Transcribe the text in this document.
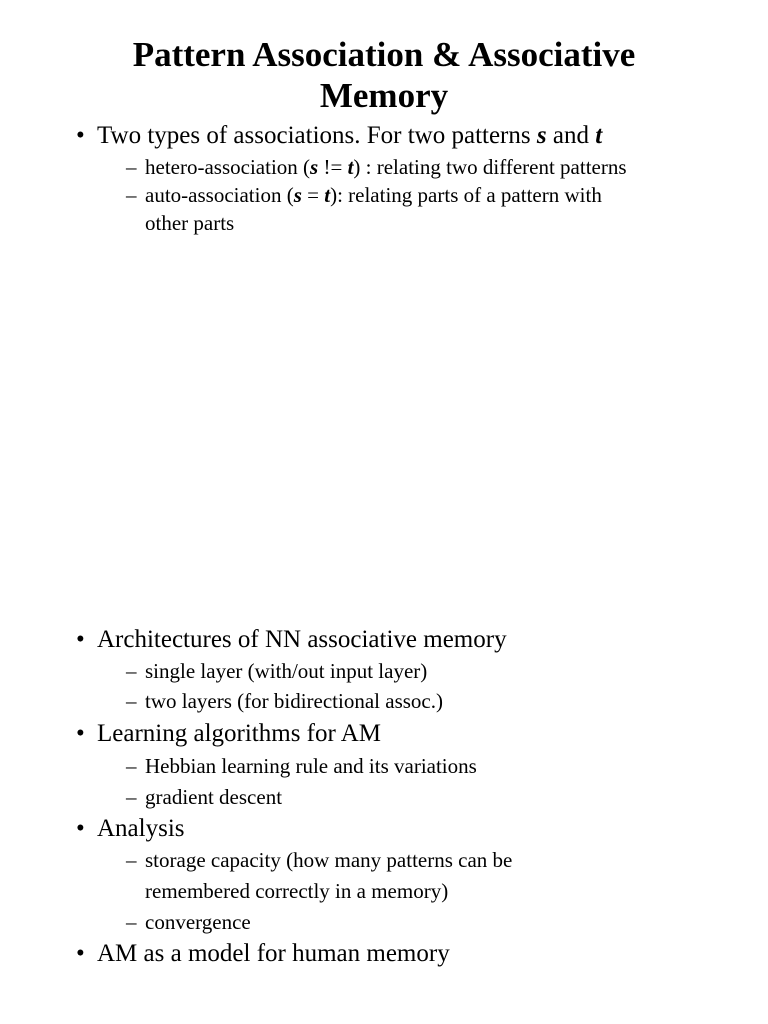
Pattern Association & Associative
Memory
• Two types of associations. For two patterns s and t
– hetero-association (s != t) : relating two different patterns
– auto-association (s = t): relating parts of a pattern with
other parts
• Architectures of NN associative memory
– single layer (with/out input layer)
– two layers (for bidirectional assoc.)
• Learning algorithms for AM
– Hebbian learning rule and its variations
– gradient descent
• Analysis
– storage capacity (how many patterns can be
remembered correctly in a memory)
– convergence
• AM as a model for human memory
